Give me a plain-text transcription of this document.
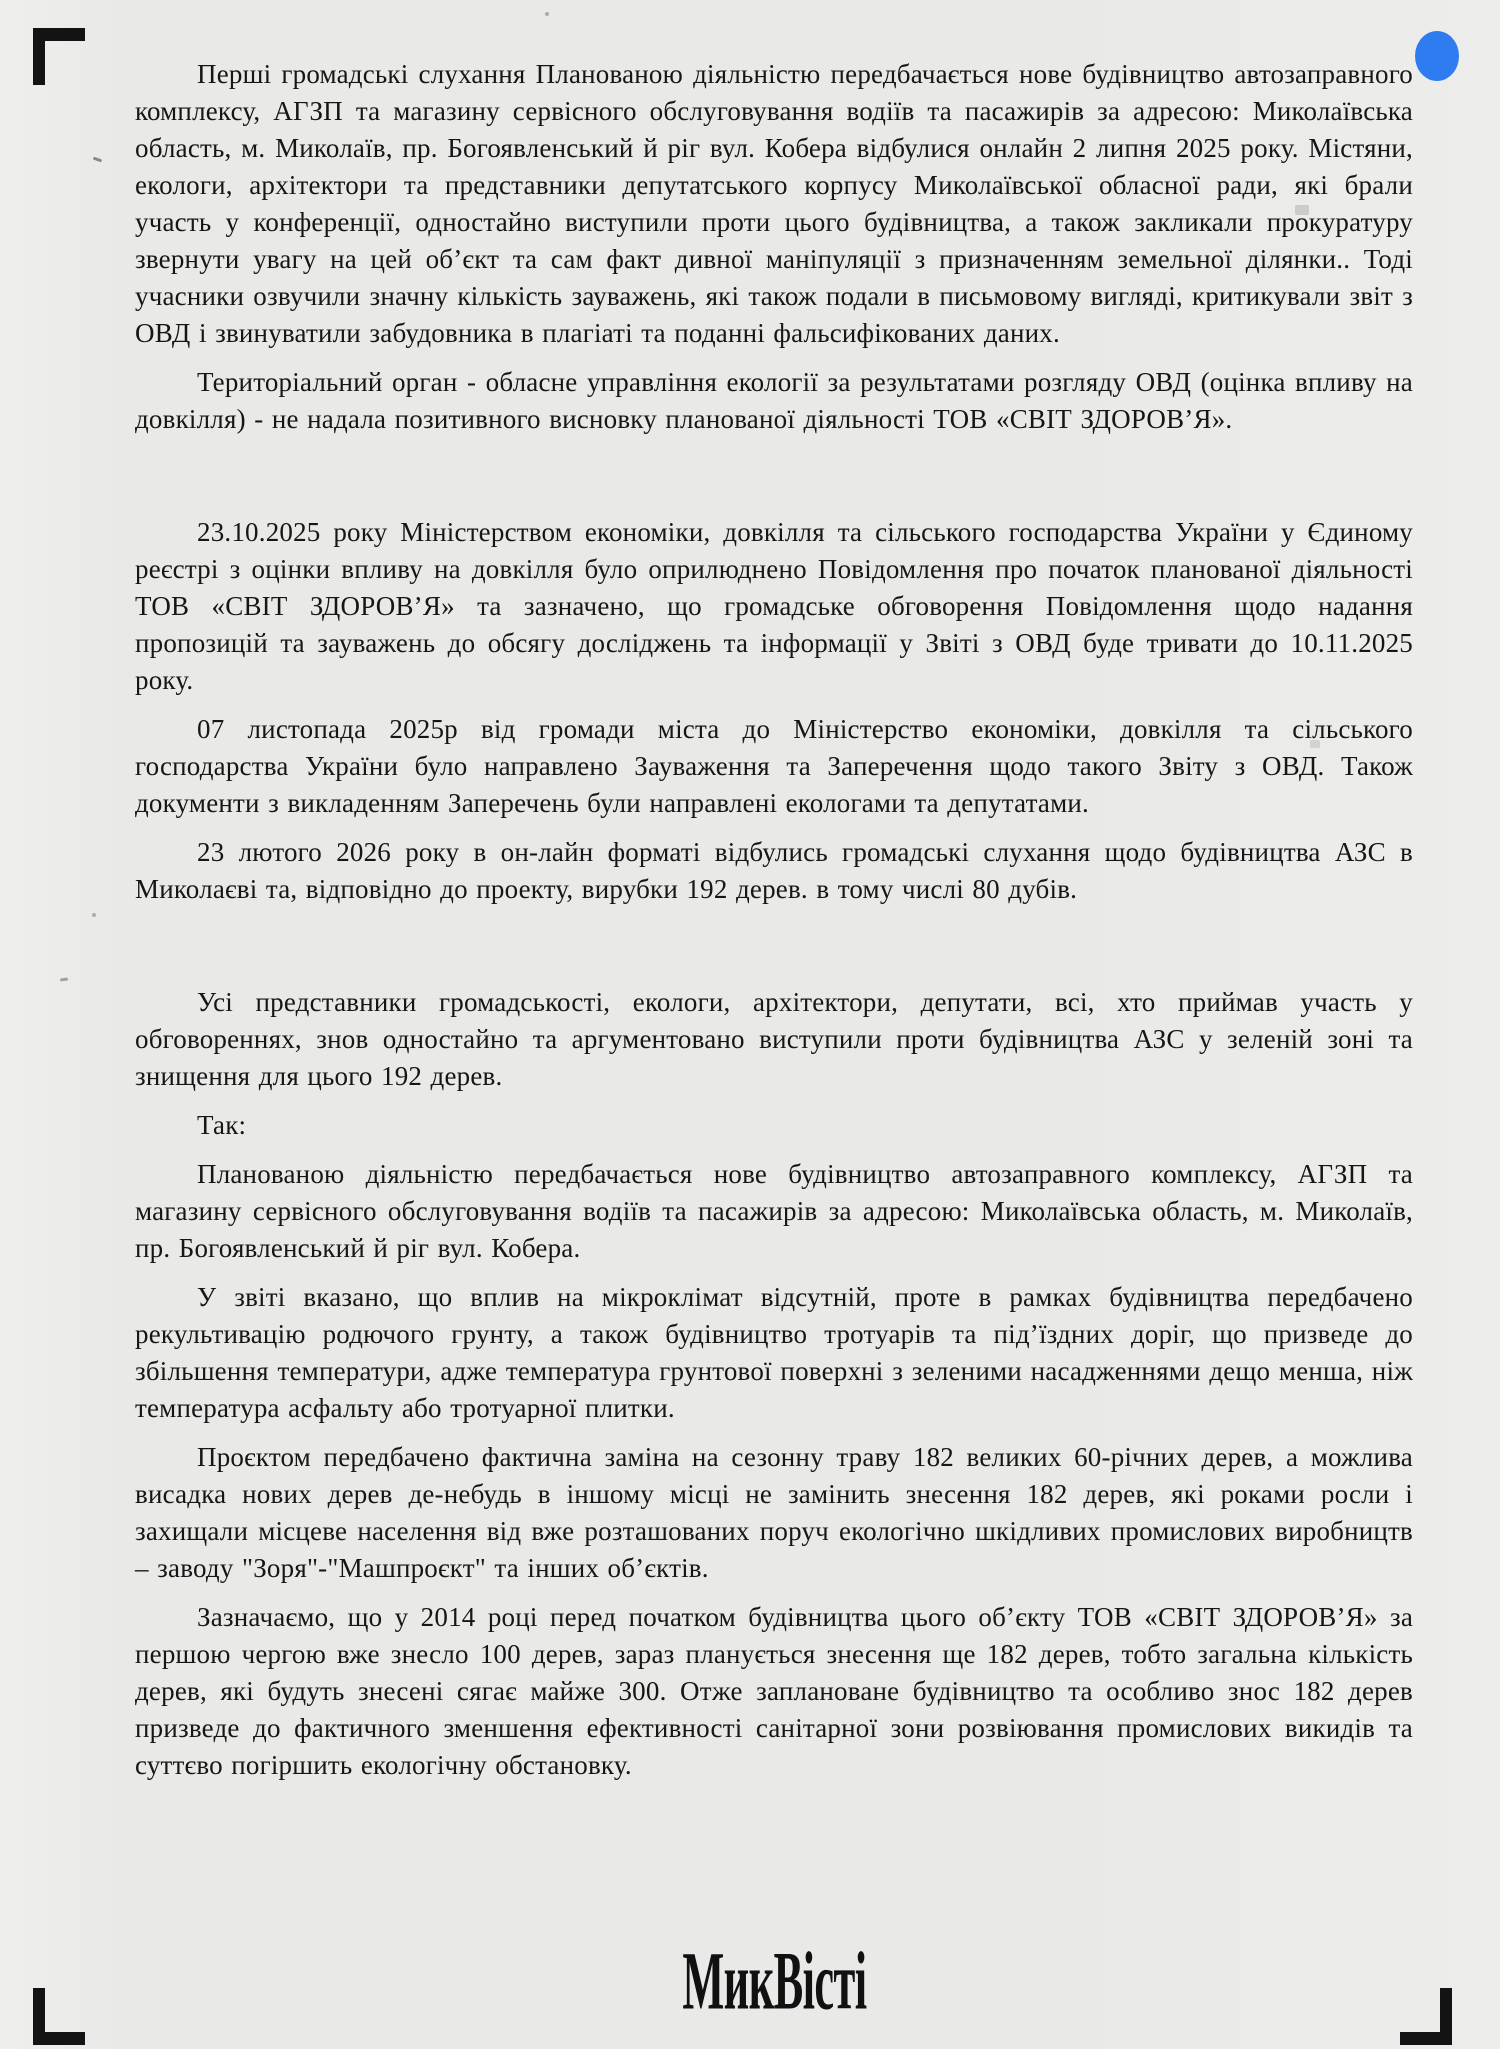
Перші громадські слухання Планованою діяльністю передбачається нове будівництво автозаправного комплексу, АГЗП та магазину сервісного обслуговування водіїв та пасажирів за адресою: Миколаївська область, м. Миколаїв, пр. Богоявленський й ріг вул. Кобера відбулися онлайн 2 липня 2025 року. Містяни, екологи, архітектори та представники депутатського корпусу Миколаївської обласної ради, які брали участь у конференції, одностайно виступили проти цього будівництва, а також закликали прокуратуру звернути увагу на цей об’єкт та сам факт дивної маніпуляції з призначенням земельної ділянки.. Тоді учасники озвучили значну кількість зауважень, які також подали в письмовому вигляді, критикували звіт з ОВД і звинуватили забудовника в плагіаті та поданні фальсифікованих даних.

Територіальний орган - обласне управління екології за результатами розгляду ОВД (оцінка впливу на довкілля) - не надала позитивного висновку планованої діяльності ТОВ «СВІТ ЗДОРОВ’Я».

23.10.2025 року Міністерством економіки, довкілля та сільського господарства України у Єдиному реєстрі з оцінки впливу на довкілля було оприлюднено Повідомлення про початок планованої діяльності ТОВ «СВІТ ЗДОРОВ’Я» та зазначено, що громадське обговорення Повідомлення щодо надання пропозицій та зауважень до обсягу досліджень та інформації у Звіті з ОВД буде тривати до 10.11.2025 року.

07 листопада 2025р від громади міста до Міністерство економіки, довкілля та сільського господарства України було направлено Зауваження та Заперечення щодо такого Звіту з ОВД. Також документи з викладенням Заперечень були направлені екологами та депутатами.

23 лютого 2026 року в он-лайн форматі відбулись громадські слухання щодо будівництва АЗС в Миколаєві та, відповідно до проекту, вирубки 192 дерев. в тому числі 80 дубів.

Усі представники громадськості, екологи, архітектори, депутати, всі, хто приймав участь у обговореннях, знов одностайно та аргументовано виступили проти будівництва АЗС у зеленій зоні та знищення для цього 192 дерев.

Так:

Планованою діяльністю передбачається нове будівництво автозаправного комплексу, АГЗП та магазину сервісного обслуговування водіїв та пасажирів за адресою: Миколаївська область, м. Миколаїв, пр. Богоявленський й ріг вул. Кобера.

У звіті вказано, що вплив на мікроклімат відсутній, проте в рамках будівництва передбачено рекультивацію родючого грунту, а також будівництво тротуарів та під’їздних доріг, що призведе до збільшення температури, адже температура грунтової поверхні з зеленими насадженнями дещо менша, ніж температура асфальту або тротуарної плитки.

Проєктом передбачено фактична заміна на сезонну траву 182 великих 60-річних дерев, а можлива висадка нових дерев де-небудь в іншому місці не замінить знесення 182 дерев, які роками росли і захищали місцеве населення від вже розташованих поруч екологічно шкідливих промислових виробництв – заводу "Зоря"-"Машпроєкт" та інших об’єктів.

Зазначаємо, що у 2014 році перед початком будівництва цього об’єкту ТОВ «СВІТ ЗДОРОВ’Я» за першою чергою вже знесло 100 дерев, зараз планується знесення ще 182 дерев, тобто загальна кількість дерев, які будуть знесені сягає майже 300. Отже заплановане будівництво та особливо знос 182 дерев призведе до фактичного зменшення ефективності санітарної зони розвіювання промислових викидів та суттєво погіршить екологічну обстановку.

МикВісті
